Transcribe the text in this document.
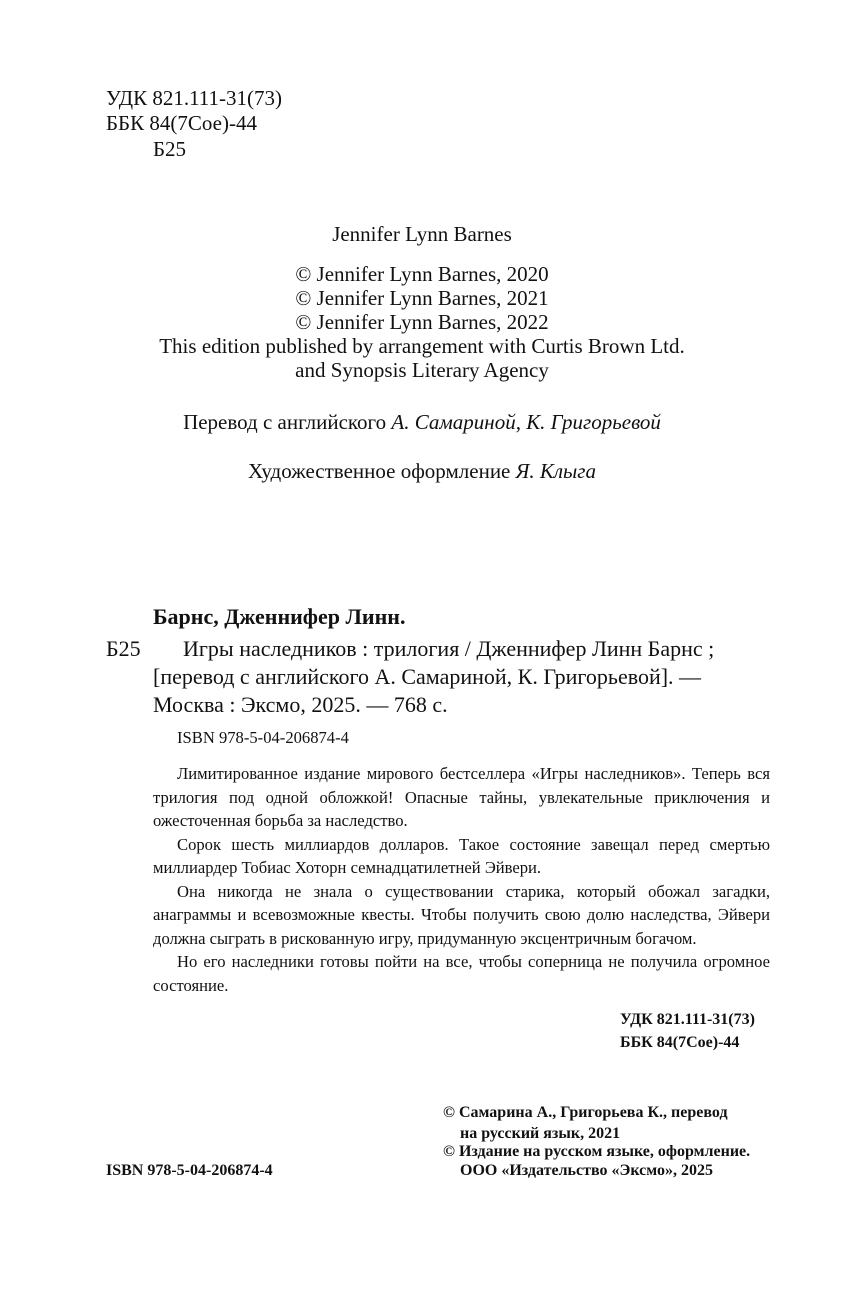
УДК 821.111-31(73)
ББК 84(7Сое)-44
Б25
Jennifer Lynn Barnes
© Jennifer Lynn Barnes, 2020
© Jennifer Lynn Barnes, 2021
© Jennifer Lynn Barnes, 2022
This edition published by arrangement with Curtis Brown Ltd.
and Synopsis Literary Agency
Перевод с английского А. Самариной, К. Григорьевой
Художественное оформление Я. Клыга
Барнс, Дженнифер Линн.
Б25 Игры наследников : трилогия / Дженнифер Линн Барнс ;
[перевод с английского А. Самариной, К. Григорьевой]. —
Москва : Эксмо, 2025. — 768 с.
ISBN 978-5-04-206874-4

Лимитированное издание мирового бестселлера «Игры наследников». Теперь вся трилогия под одной обложкой! Опасные тайны, увлекательные приключения и ожесточенная борьба за наследство.

Сорок шесть миллиардов долларов. Такое состояние завещал перед смертью миллиардер Тобиас Хоторн семнадцатилетней Эйвери.

Она никогда не знала о существовании старика, который обожал загадки, анаграммы и всевозможные квесты. Чтобы получить свою долю наследства, Эйвери должна сыграть в рискованную игру, придуманную эксцентричным богачом.

Но его наследники готовы пойти на все, чтобы соперница не получила огромное состояние.

УДК 821.111-31(73)
ББК 84(7Сое)-44
© Самарина А., Григорьева К., перевод
на русский язык, 2021
© Издание на русском языке, оформление.
ООО «Издательство «Эксмо», 2025
ISBN 978-5-04-206874-4
